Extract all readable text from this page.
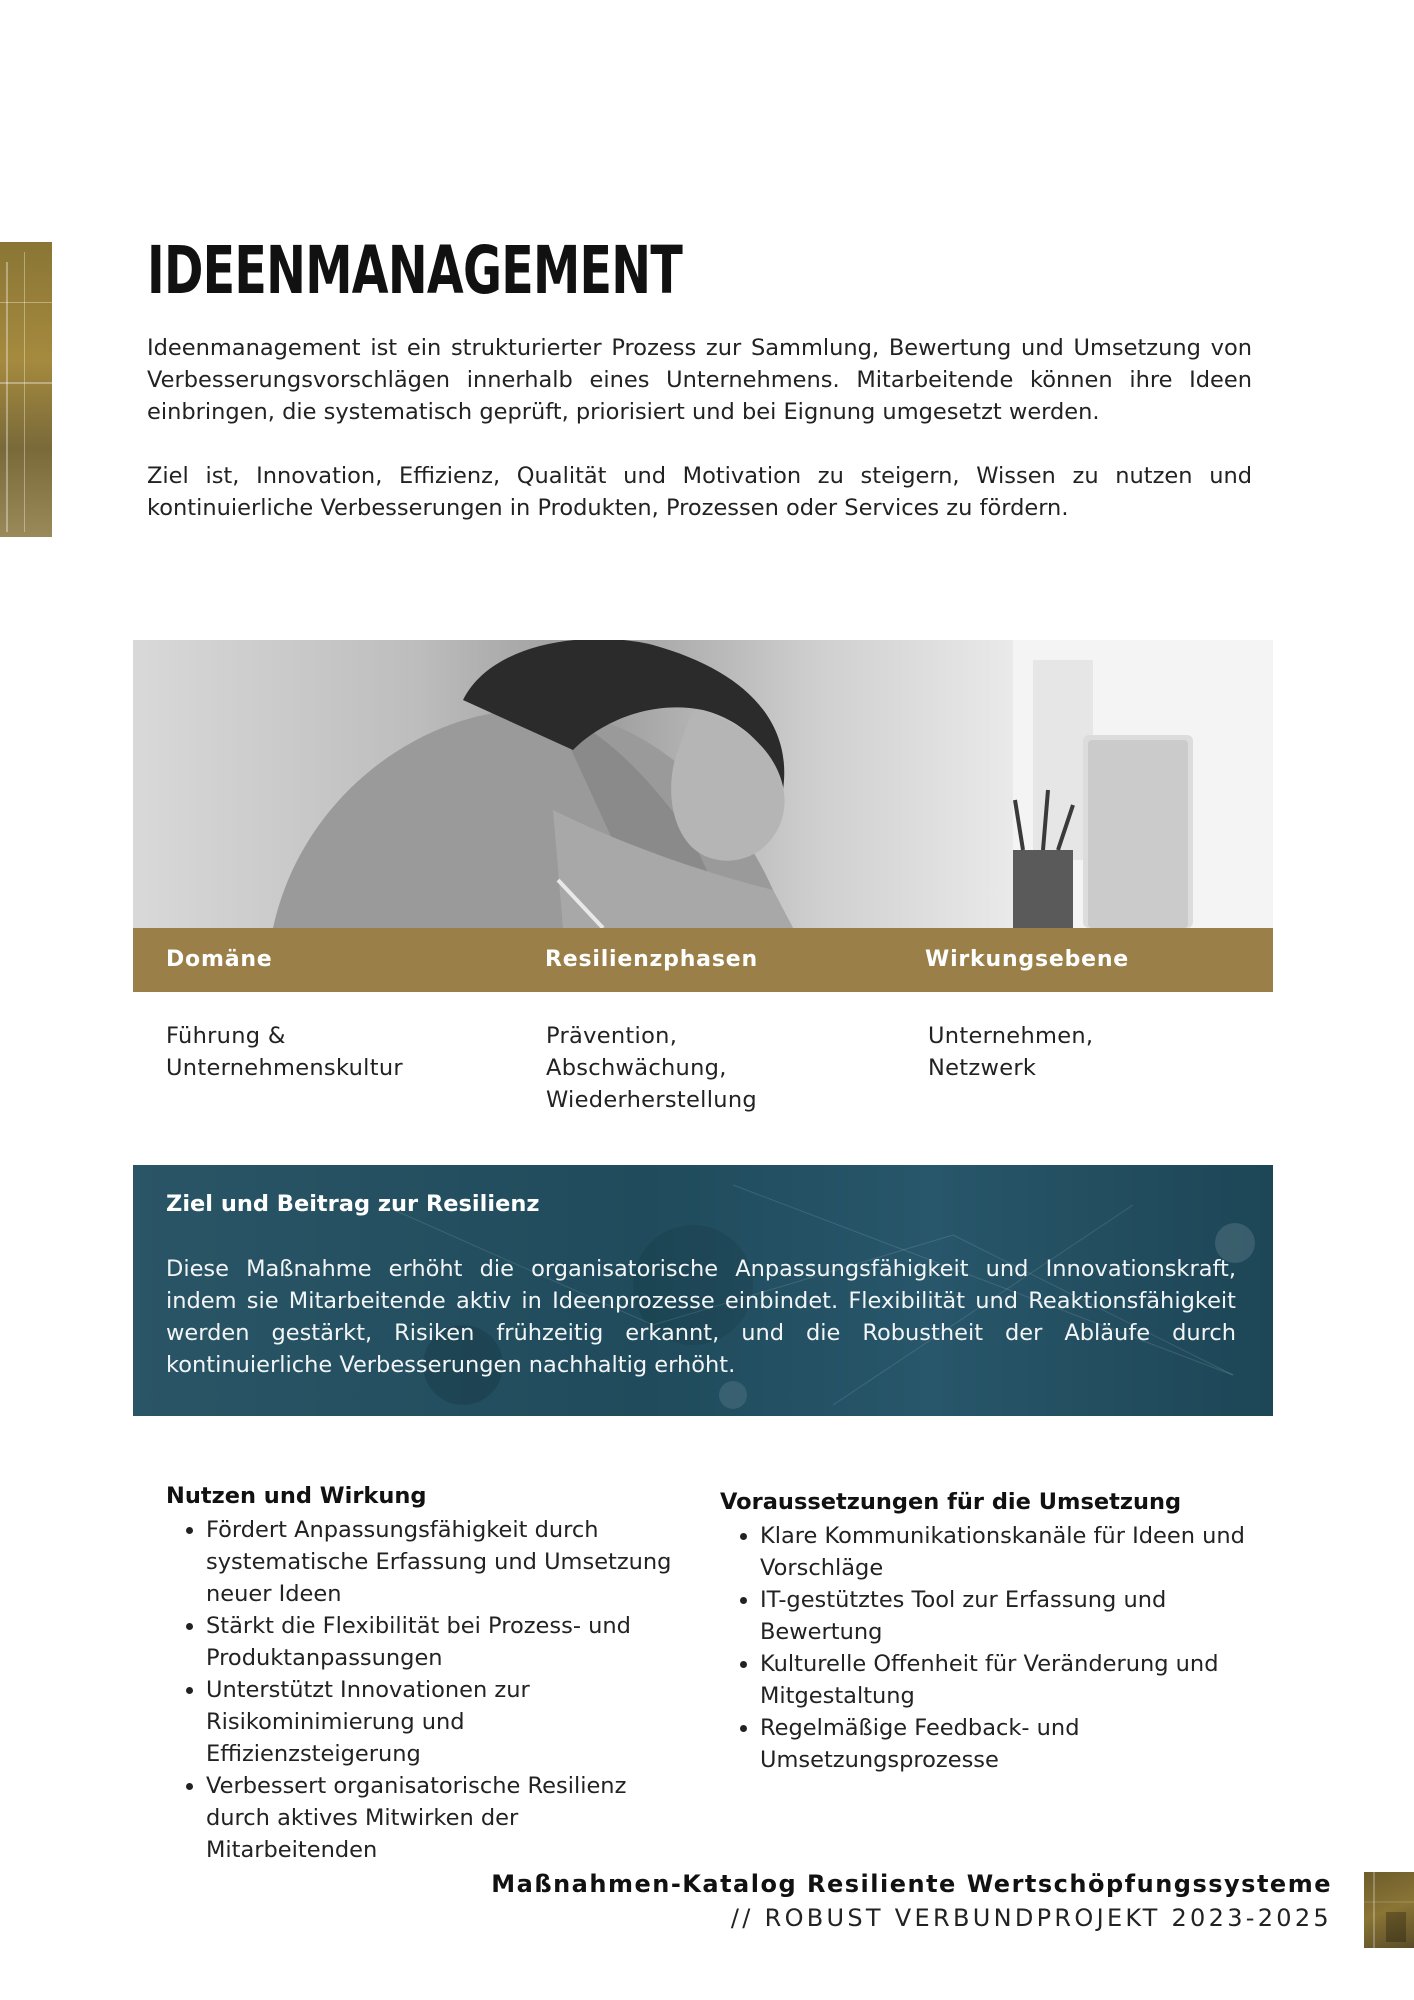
IDEENMANAGEMENT

Ideenmanagement ist ein strukturierter Prozess zur Sammlung, Bewertung und Umsetzung von Verbesserungsvorschlägen innerhalb eines Unternehmens. Mitarbeitende können ihre Ideen einbringen, die systematisch geprüft, priorisiert und bei Eignung umgesetzt werden.

Ziel ist, Innovation, Effizienz, Qualität und Motivation zu steigern, Wissen zu nutzen und kontinuierliche Verbesserungen in Produkten, Prozessen oder Services zu fördern.

Domäne	Resilienzphasen	Wirkungsebene
Führung &
Unternehmenskultur
Prävention,
Abschwächung,
Wiederherstellung
Unternehmen,
Netzwerk
Ziel und Beitrag zur Resilienz

Diese Maßnahme erhöht die organisatorische Anpassungsfähigkeit und Innovationskraft, indem sie Mitarbeitende aktiv in Ideenprozesse einbindet. Flexibilität und Reaktionsfähigkeit werden gestärkt, Risiken frühzeitig erkannt, und die Robustheit der Abläufe durch kontinuierliche Verbesserungen nachhaltig erhöht.

Nutzen und Wirkung
• Fördert Anpassungsfähigkeit durch systematische Erfassung und Umsetzung neuer Ideen
• Stärkt die Flexibilität bei Prozess- und Produktanpassungen
• Unterstützt Innovationen zur Risikominimierung und Effizienzsteigerung
• Verbessert organisatorische Resilienz durch aktives Mitwirken der Mitarbeitenden
Voraussetzungen für die Umsetzung
• Klare Kommunikationskanäle für Ideen und Vorschläge
• IT-gestütztes Tool zur Erfassung und Bewertung
• Kulturelle Offenheit für Veränderung und Mitgestaltung
• Regelmäßige Feedback- und Umsetzungsprozesse

Maßnahmen-Katalog Resiliente Wertschöpfungssysteme

// ROBUST VERBUNDPROJEKT 2023-2025
